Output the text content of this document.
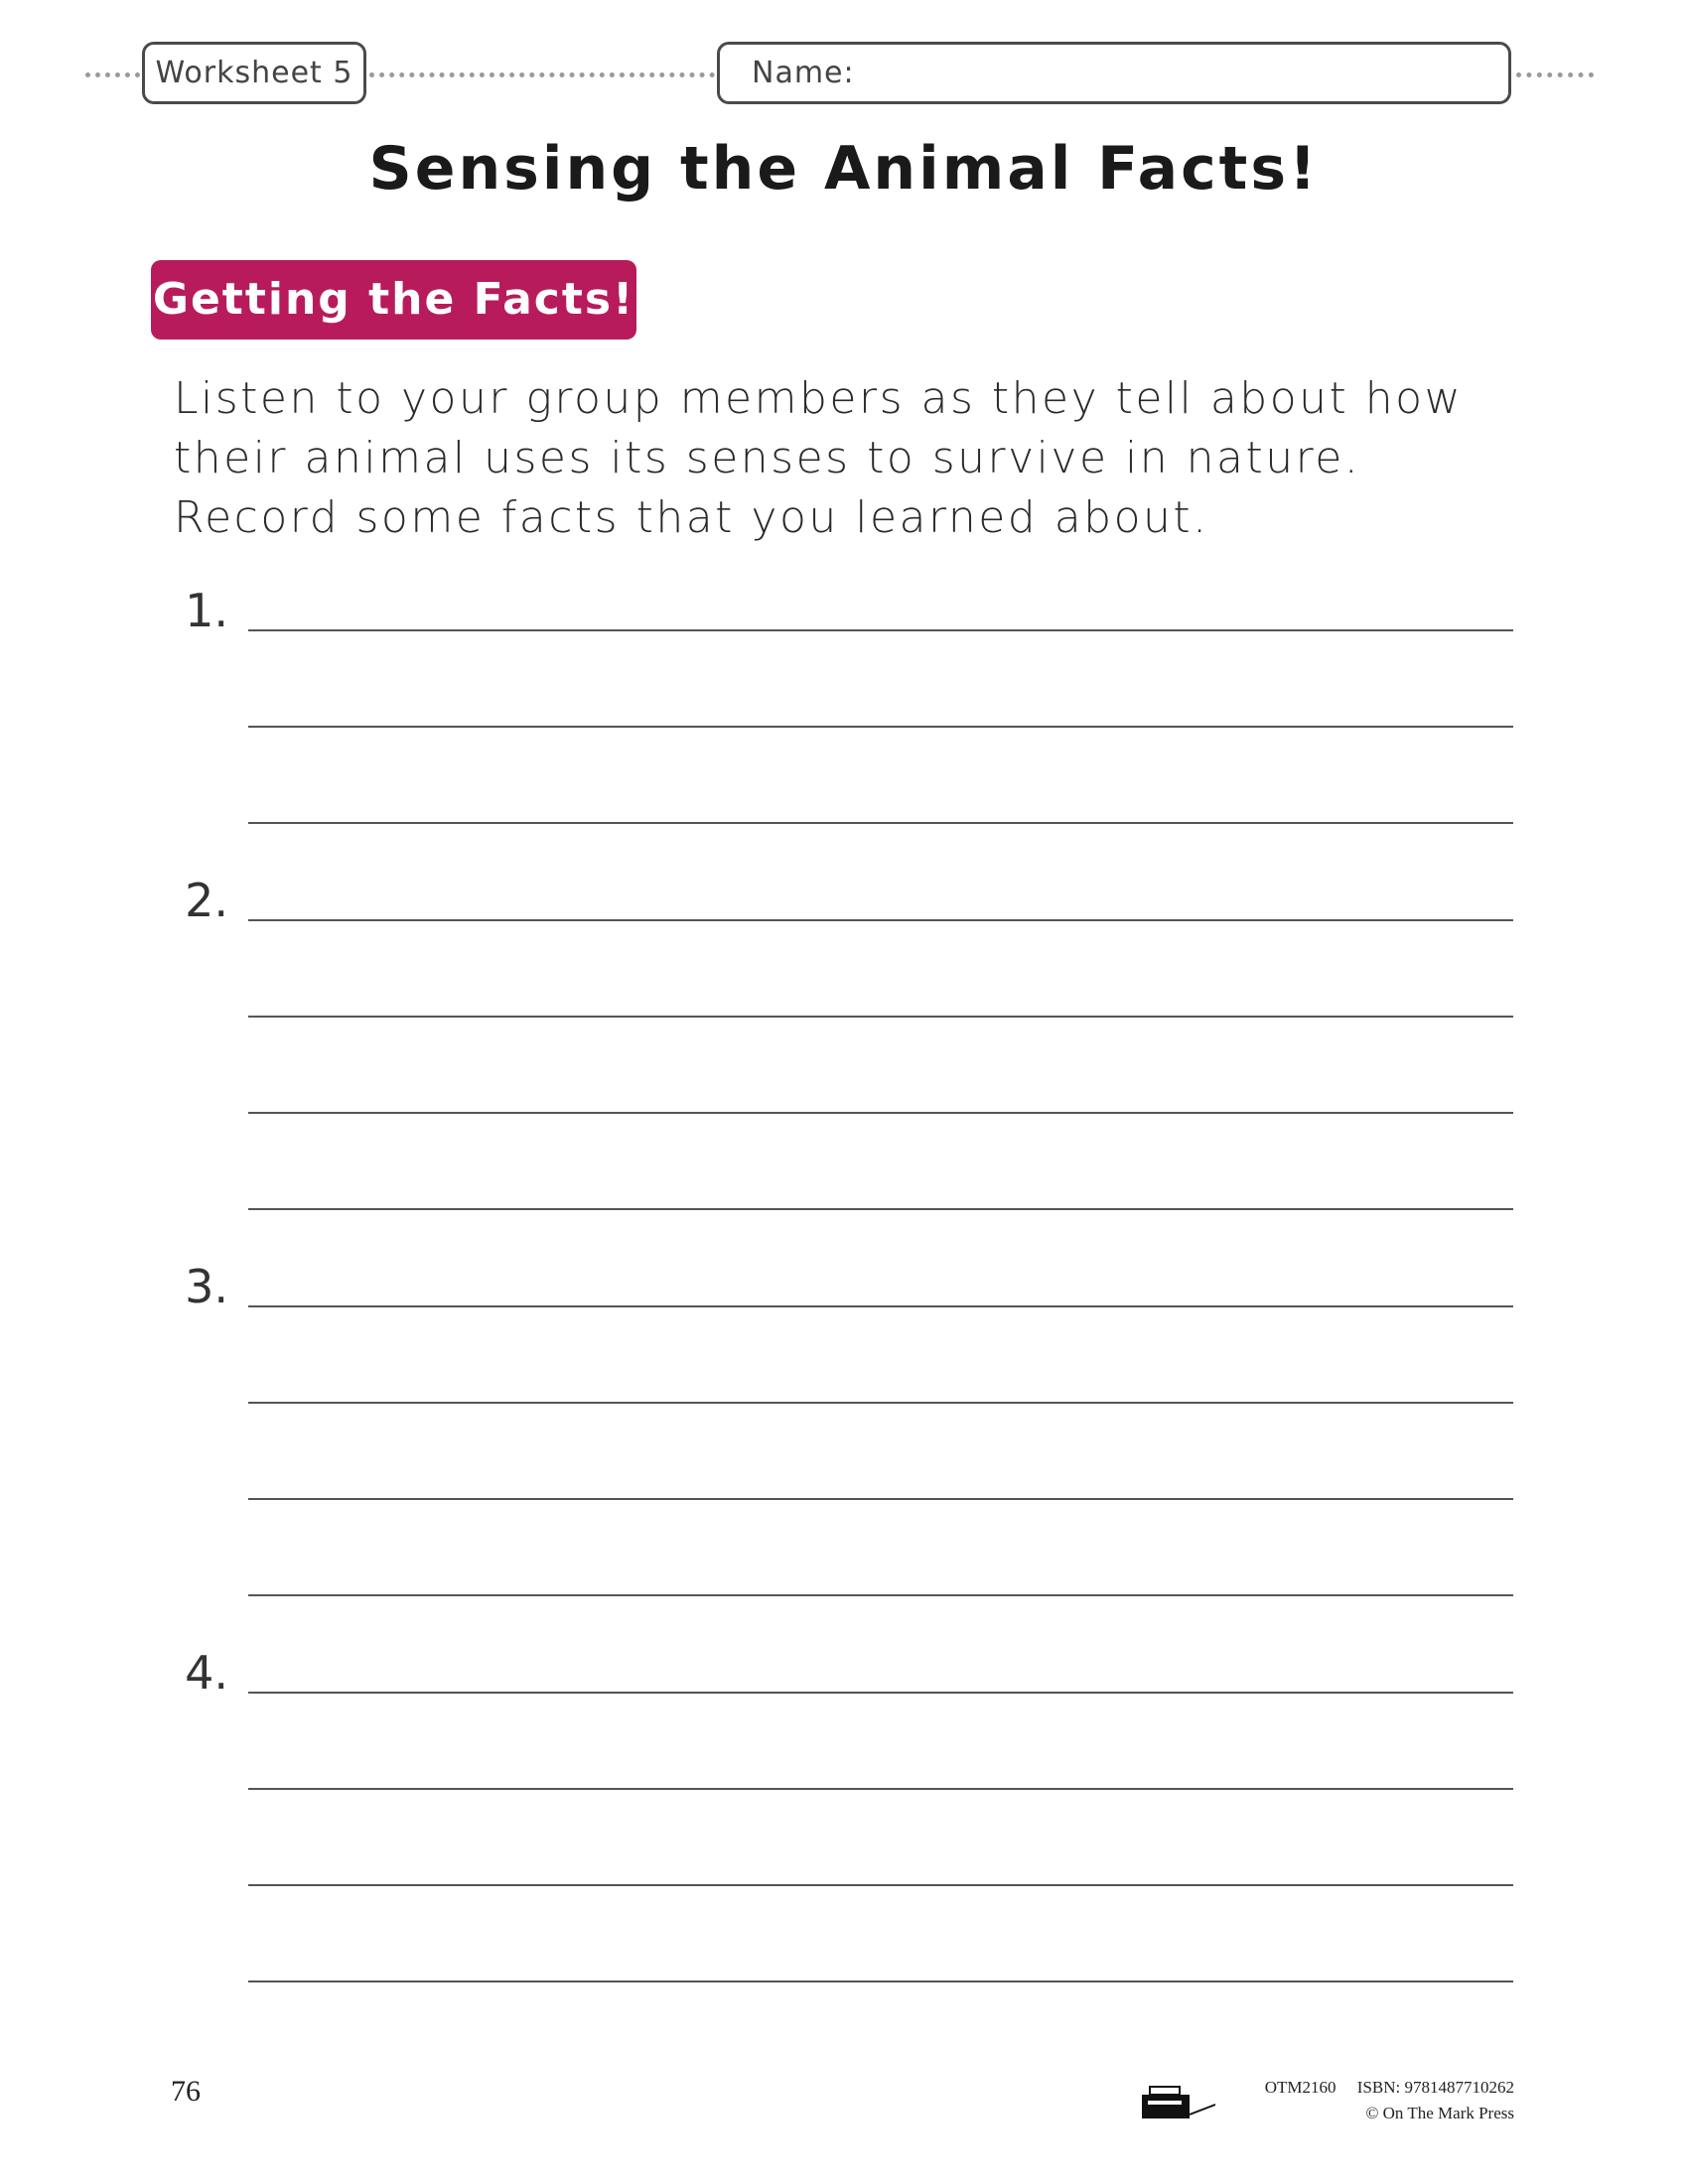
Worksheet 5	Name:
Sensing the Animal Facts!
Getting the Facts!

Listen to your group members as they tell about how their animal uses its senses to survive in nature. Record some facts that you learned about.

1.
2.
3.
4.
76	OTM2160 ISBN: 9781487710262
© On The Mark Press
